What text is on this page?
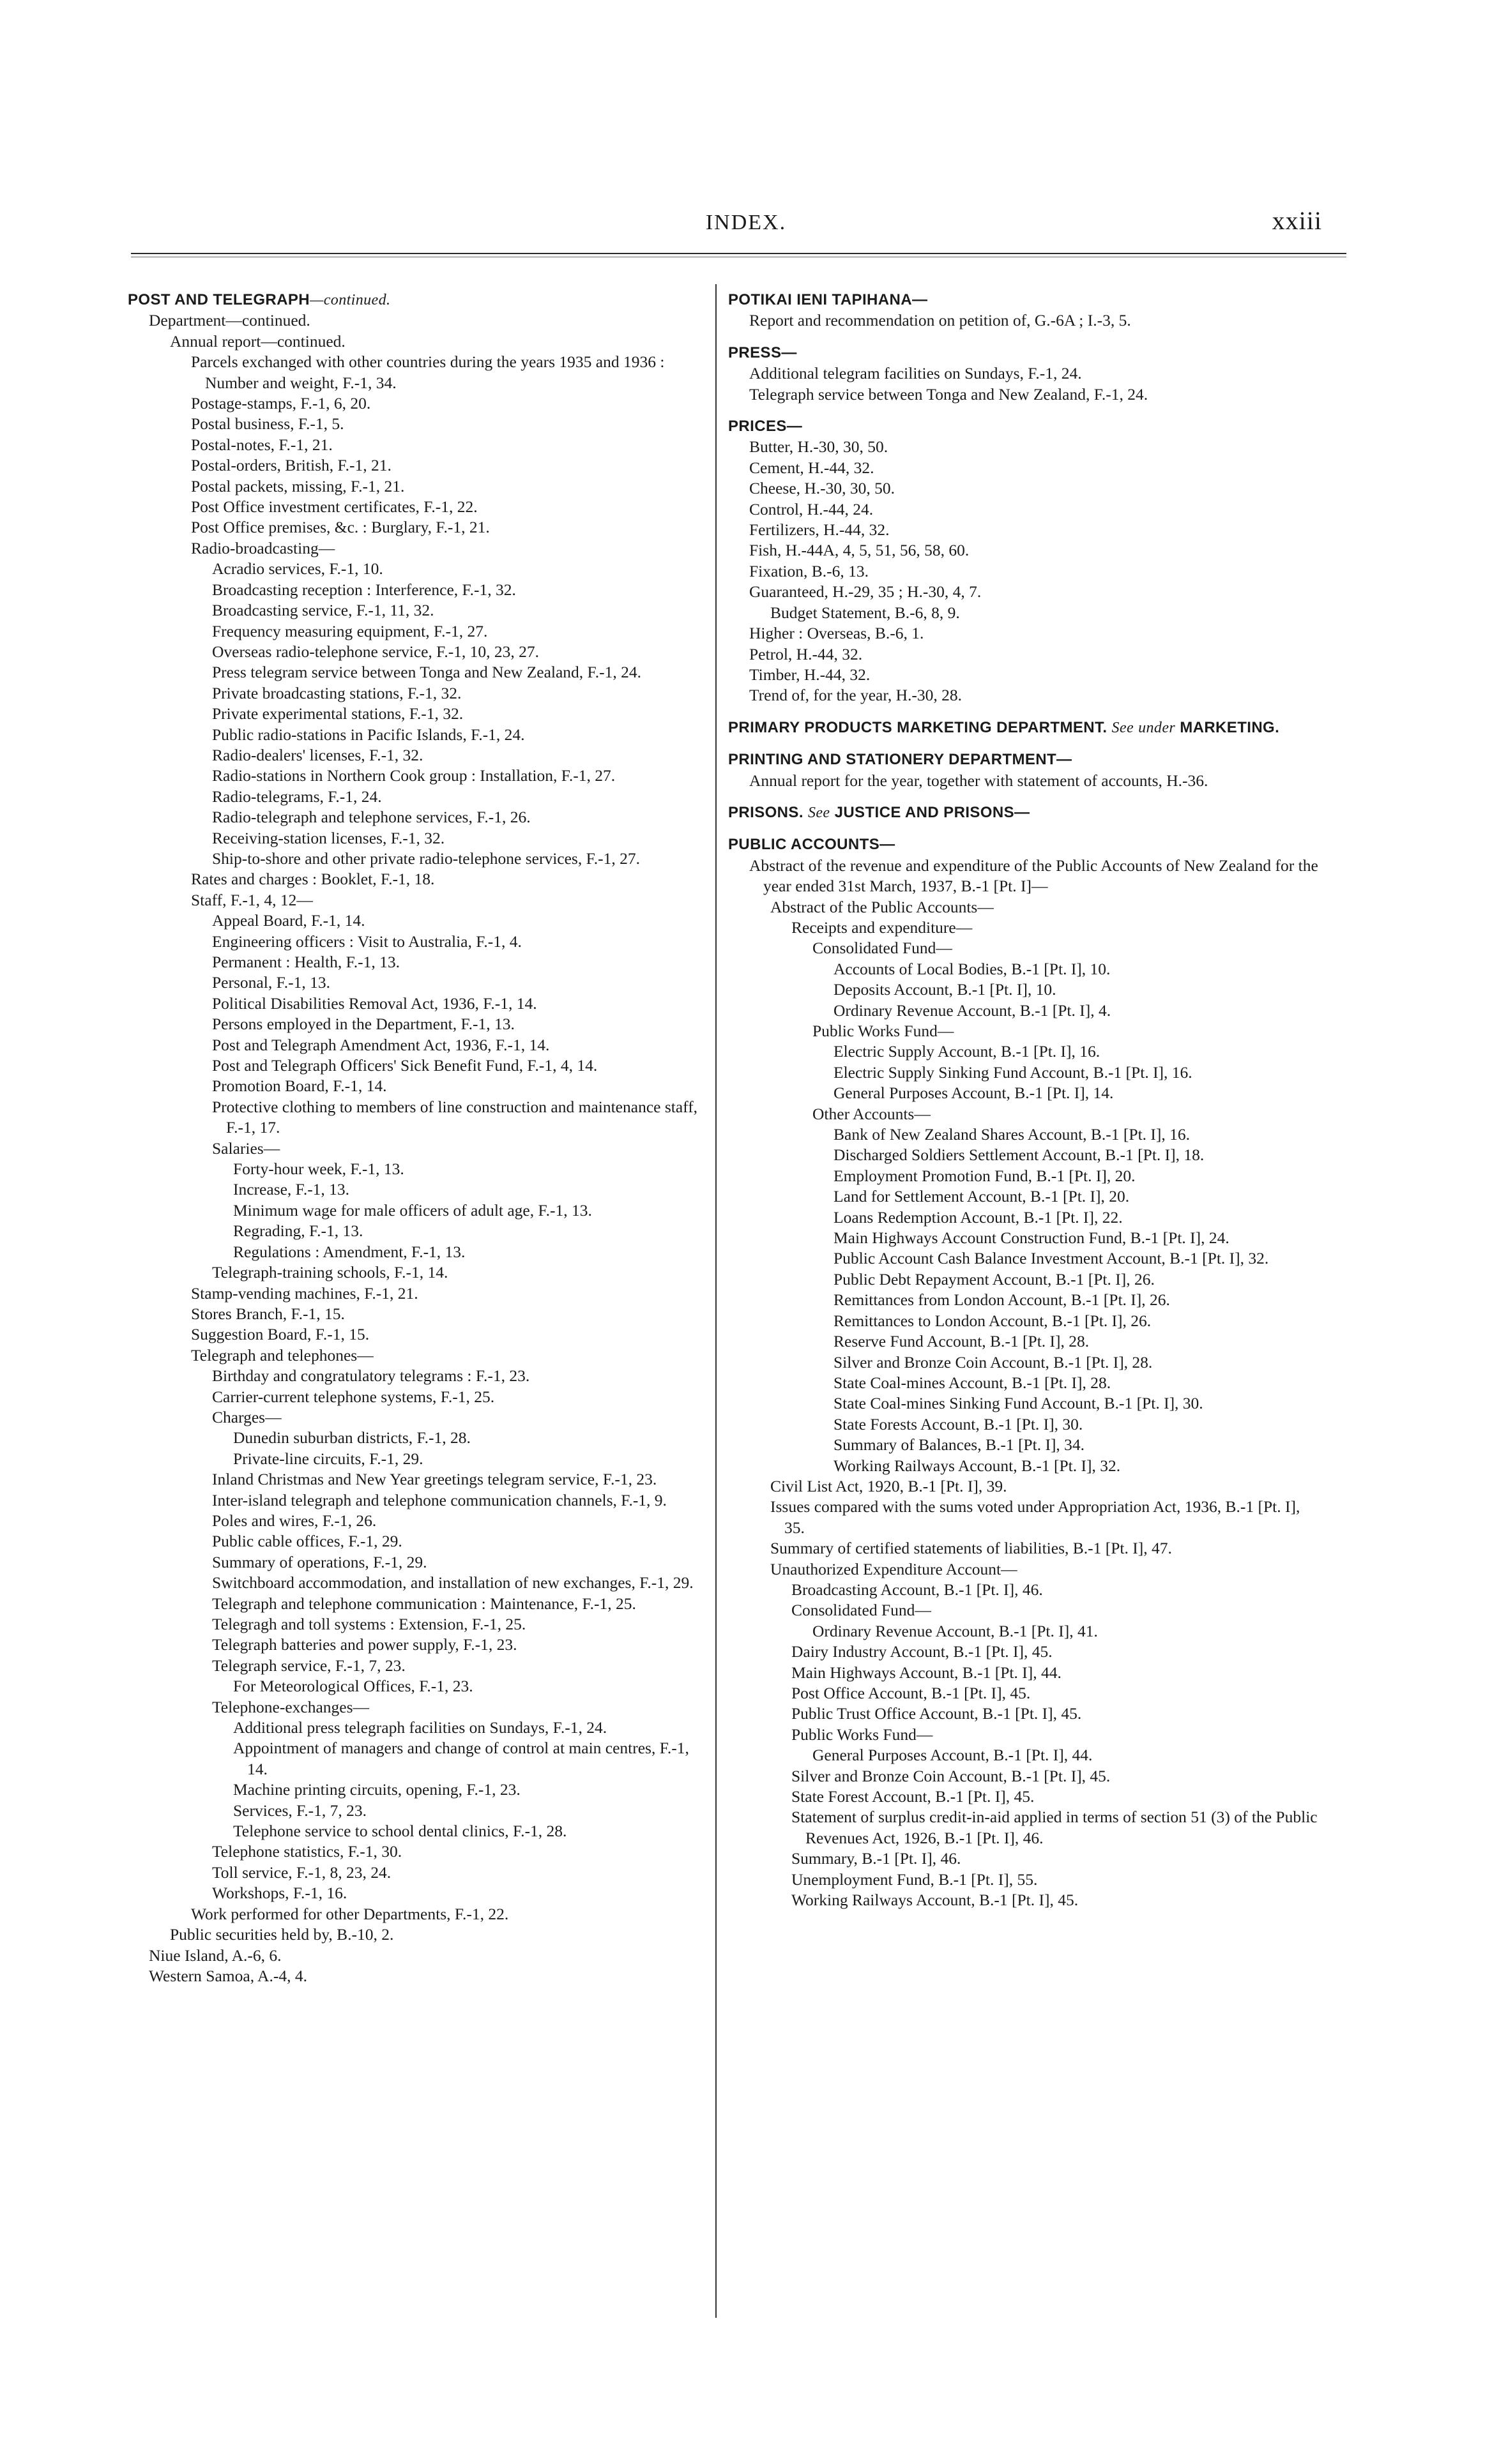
INDEX.	xxiii
POST AND TELEGRAPH—continued.
Department—continued.
Annual report—continued.
Parcels exchanged with other countries during the years 1935 and 1936 : Number and weight, F.-1, 34.
Postage-stamps, F.-1, 6, 20.
Postal business, F.-1, 5.
Postal-notes, F.-1, 21.
Postal-orders, British, F.-1, 21.
Postal packets, missing, F.-1, 21.
Post Office investment certificates, F.-1, 22.
Post Office premises, &c. : Burglary, F.-1, 21.
Radio-broadcasting—
Acradio services, F.-1, 10.
Broadcasting reception : Interference, F.-1, 32.
Broadcasting service, F.-1, 11, 32.
Frequency measuring equipment, F.-1, 27.
Overseas radio-telephone service, F.-1, 10, 23, 27.
Press telegram service between Tonga and New Zealand, F.-1, 24.
Private broadcasting stations, F.-1, 32.
Private experimental stations, F.-1, 32.
Public radio-stations in Pacific Islands, F.-1, 24.
Radio-dealers' licenses, F.-1, 32.
Radio-stations in Northern Cook group : Installation, F.-1, 27.
Radio-telegrams, F.-1, 24.
Radio-telegraph and telephone services, F.-1, 26.
Receiving-station licenses, F.-1, 32.
Ship-to-shore and other private radio-telephone services, F.-1, 27.
Rates and charges : Booklet, F.-1, 18.
Staff, F.-1, 4, 12—
Appeal Board, F.-1, 14.
Engineering officers : Visit to Australia, F.-1, 4.
Permanent : Health, F.-1, 13.
Personal, F.-1, 13.
Political Disabilities Removal Act, 1936, F.-1, 14.
Persons employed in the Department, F.-1, 13.
Post and Telegraph Amendment Act, 1936, F.-1, 14.
Post and Telegraph Officers' Sick Benefit Fund, F.-1, 4, 14.
Promotion Board, F.-1, 14.
Protective clothing to members of line construction and maintenance staff, F.-1, 17.
Salaries—
Forty-hour week, F.-1, 13.
Increase, F.-1, 13.
Minimum wage for male officers of adult age, F.-1, 13.
Regrading, F.-1, 13.
Regulations : Amendment, F.-1, 13.
Telegraph-training schools, F.-1, 14.
Stamp-vending machines, F.-1, 21.
Stores Branch, F.-1, 15.
Suggestion Board, F.-1, 15.
Telegraph and telephones—
Birthday and congratulatory telegrams : F.-1, 23.
Carrier-current telephone systems, F.-1, 25.
Charges—
Dunedin suburban districts, F.-1, 28.
Private-line circuits, F.-1, 29.
Inland Christmas and New Year greetings telegram service, F.-1, 23.
Inter-island telegraph and telephone communication channels, F.-1, 9.
Poles and wires, F.-1, 26.
Public cable offices, F.-1, 29.
Summary of operations, F.-1, 29.
Switchboard accommodation, and installation of new exchanges, F.-1, 29.
Telegraph and telephone communication : Maintenance, F.-1, 25.
Telegragh and toll systems : Extension, F.-1, 25.
Telegraph batteries and power supply, F.-1, 23.
Telegraph service, F.-1, 7, 23.
For Meteorological Offices, F.-1, 23.
Telephone-exchanges—
Additional press telegraph facilities on Sundays, F.-1, 24.
Appointment of managers and change of control at main centres, F.-1, 14.
Machine printing circuits, opening, F.-1, 23.
Services, F.-1, 7, 23.
Telephone service to school dental clinics, F.-1, 28.
Telephone statistics, F.-1, 30.
Toll service, F.-1, 8, 23, 24.
Workshops, F.-1, 16.
Work performed for other Departments, F.-1, 22.
Public securities held by, B.-10, 2.
Niue Island, A.-6, 6.
Western Samoa, A.-4, 4.
POTIKAI IENI TAPIHANA—
Report and recommendation on petition of, G.-6A ; I.-3, 5.
PRESS—
Additional telegram facilities on Sundays, F.-1, 24.
Telegraph service between Tonga and New Zealand, F.-1, 24.
PRICES—
Butter, H.-30, 30, 50.
Cement, H.-44, 32.
Cheese, H.-30, 30, 50.
Control, H.-44, 24.
Fertilizers, H.-44, 32.
Fish, H.-44A, 4, 5, 51, 56, 58, 60.
Fixation, B.-6, 13.
Guaranteed, H.-29, 35 ; H.-30, 4, 7.
Budget Statement, B.-6, 8, 9.
Higher : Overseas, B.-6, 1.
Petrol, H.-44, 32.
Timber, H.-44, 32.
Trend of, for the year, H.-30, 28.
PRIMARY PRODUCTS MARKETING DEPARTMENT. See under MARKETING.
PRINTING AND STATIONERY DEPARTMENT—
Annual report for the year, together with statement of accounts, H.-36.
PRISONS. See JUSTICE AND PRISONS—
PUBLIC ACCOUNTS—
Abstract of the revenue and expenditure of the Public Accounts of New Zealand for the year ended 31st March, 1937, B.-1 [Pt. I]—
Abstract of the Public Accounts—
Receipts and expenditure—
Consolidated Fund—
Accounts of Local Bodies, B.-1 [Pt. I], 10.
Deposits Account, B.-1 [Pt. I], 10.
Ordinary Revenue Account, B.-1 [Pt. I], 4.
Public Works Fund—
Electric Supply Account, B.-1 [Pt. I], 16.
Electric Supply Sinking Fund Account, B.-1 [Pt. I], 16.
General Purposes Account, B.-1 [Pt. I], 14.
Other Accounts—
Bank of New Zealand Shares Account, B.-1 [Pt. I], 16.
Discharged Soldiers Settlement Account, B.-1 [Pt. I], 18.
Employment Promotion Fund, B.-1 [Pt. I], 20.
Land for Settlement Account, B.-1 [Pt. I], 20.
Loans Redemption Account, B.-1 [Pt. I], 22.
Main Highways Account Construction Fund, B.-1 [Pt. I], 24.
Public Account Cash Balance Investment Account, B.-1 [Pt. I], 32.
Public Debt Repayment Account, B.-1 [Pt. I], 26.
Remittances from London Account, B.-1 [Pt. I], 26.
Remittances to London Account, B.-1 [Pt. I], 26.
Reserve Fund Account, B.-1 [Pt. I], 28.
Silver and Bronze Coin Account, B.-1 [Pt. I], 28.
State Coal-mines Account, B.-1 [Pt. I], 28.
State Coal-mines Sinking Fund Account, B.-1 [Pt. I], 30.
State Forests Account, B.-1 [Pt. I], 30.
Summary of Balances, B.-1 [Pt. I], 34.
Working Railways Account, B.-1 [Pt. I], 32.
Civil List Act, 1920, B.-1 [Pt. I], 39.
Issues compared with the sums voted under Appropriation Act, 1936, B.-1 [Pt. I], 35.
Summary of certified statements of liabilities, B.-1 [Pt. I], 47.
Unauthorized Expenditure Account—
Broadcasting Account, B.-1 [Pt. I], 46.
Consolidated Fund—
Ordinary Revenue Account, B.-1 [Pt. I], 41.
Dairy Industry Account, B.-1 [Pt. I], 45.
Main Highways Account, B.-1 [Pt. I], 44.
Post Office Account, B.-1 [Pt. I], 45.
Public Trust Office Account, B.-1 [Pt. I], 45.
Public Works Fund—
General Purposes Account, B.-1 [Pt. I], 44.
Silver and Bronze Coin Account, B.-1 [Pt. I], 45.
State Forest Account, B.-1 [Pt. I], 45.
Statement of surplus credit-in-aid applied in terms of section 51 (3) of the Public Revenues Act, 1926, B.-1 [Pt. I], 46.
Summary, B.-1 [Pt. I], 46.
Unemployment Fund, B.-1 [Pt. I], 55.
Working Railways Account, B.-1 [Pt. I], 45.
